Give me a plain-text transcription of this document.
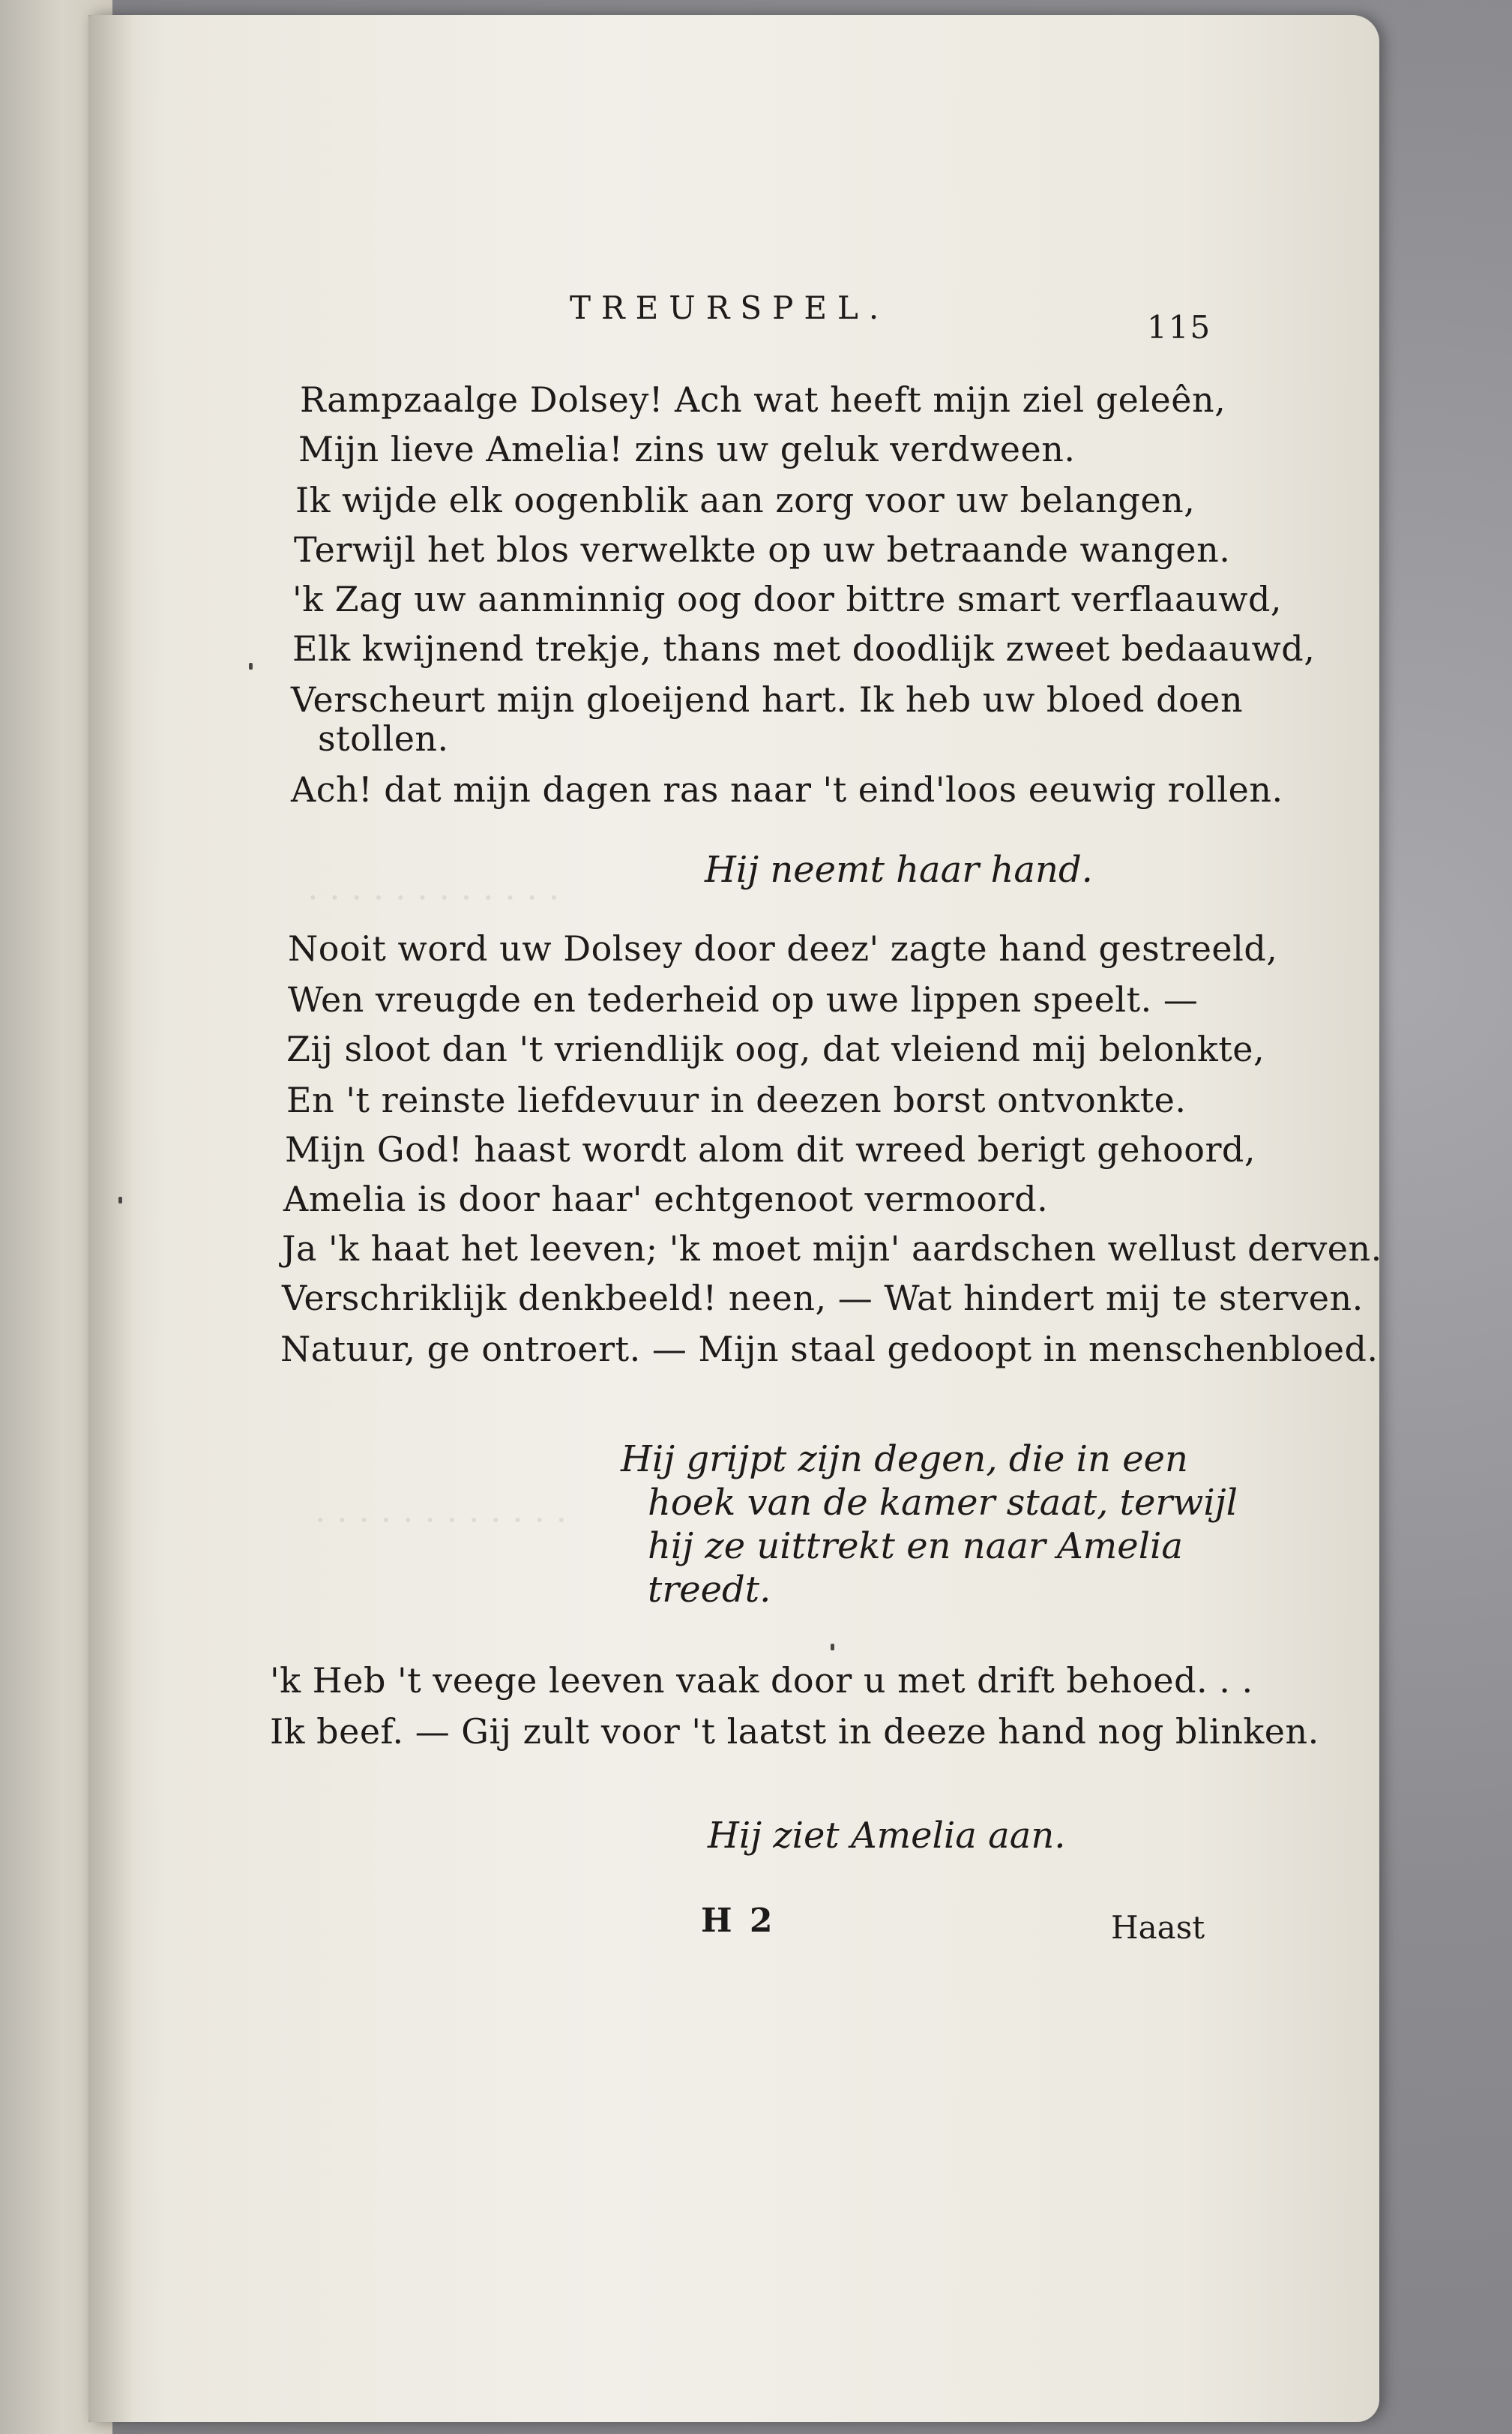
· · · · · · · · · · · ·
· · · · · · · · · · · ·
TREURSPEL.
115
Rampzaalge Dolsey! Ach wat heeft mijn ziel geleên,
Mijn lieve Amelia! zins uw geluk verdween.
Ik wijde elk oogenblik aan zorg voor uw belangen,
Terwijl het blos verwelkte op uw betraande wangen.
'k Zag uw aanminnig oog door bittre smart verflaauwd,
Elk kwijnend trekje, thans met doodlijk zweet bedaauwd,
Verscheurt mijn gloeijend hart. Ik heb uw bloed doen
stollen.
Ach! dat mijn dagen ras naar 't eind'loos eeuwig rollen.
Hij neemt haar hand.
Nooit word uw Dolsey door deez' zagte hand gestreeld,
Wen vreugde en tederheid op uwe lippen speelt. —
Zij sloot dan 't vriendlijk oog, dat vleiend mij belonkte,
En 't reinste liefdevuur in deezen borst ontvonkte.
Mijn God! haast wordt alom dit wreed berigt gehoord,
Amelia is door haar' echtgenoot vermoord.
Ja 'k haat het leeven; 'k moet mijn' aardschen wellust derven.
Verschriklijk denkbeeld! neen, — Wat hindert mij te sterven.
Natuur, ge ontroert. — Mijn staal gedoopt in menschenbloed.
Hij grijpt zijn degen, die in een
hoek van de kamer staat, terwijl
hij ze uittrekt en naar Amelia
treedt.
'k Heb 't veege leeven vaak door u met drift behoed. . .
Ik beef. — Gij zult voor 't laatst in deeze hand nog blinken.
Hij ziet Amelia aan.
H 2	Haast
